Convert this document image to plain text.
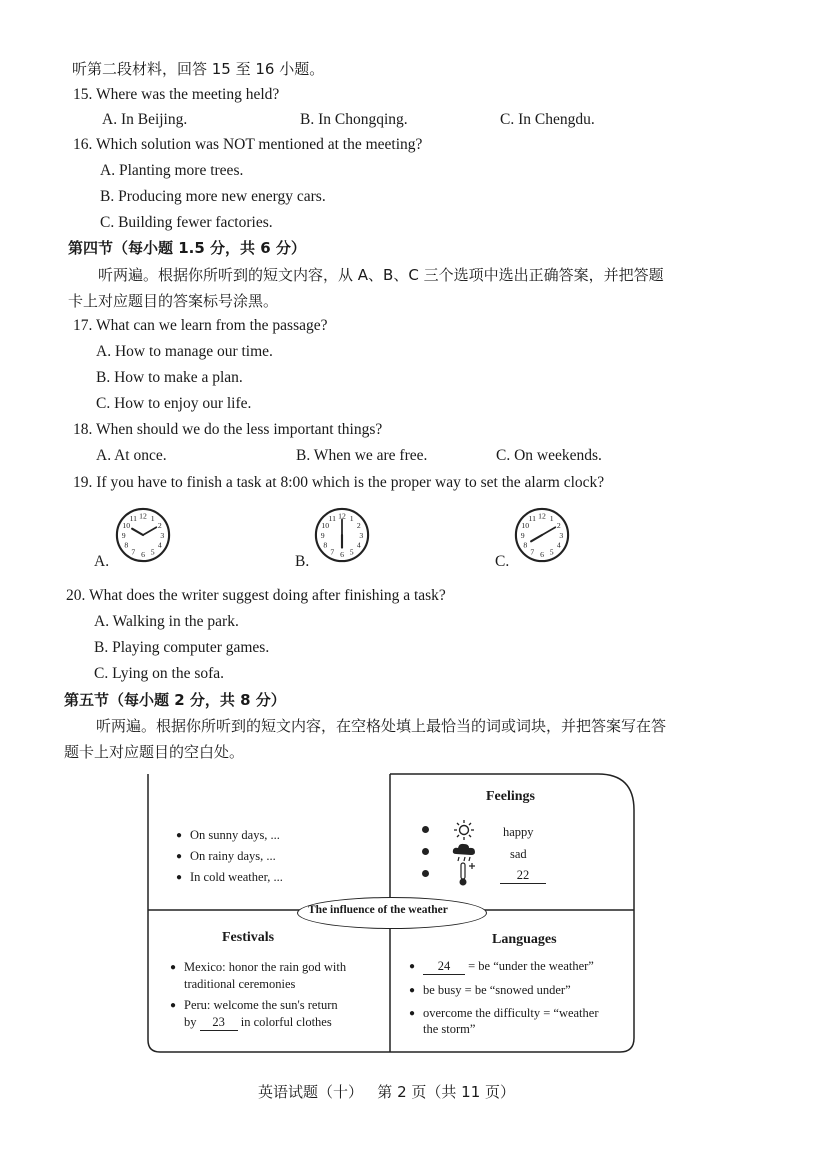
听第二段材料，回答 15 至 16 小题。
15. Where was the meeting held?
A. In Beijing.	B. In Chongqing.	C. In Chengdu.
16. Which solution was NOT mentioned at the meeting?
A. Planting more trees.
B. Producing more new energy cars.
C. Building fewer factories.
第四节（每小题 1.5 分，共 6 分）
听两遍。根据你所听到的短文内容，从 A、B、C 三个选项中选出正确答案，并把答题
卡上对应题目的答案标号涂黑。
17. What can we learn from the passage?
A. How to manage our time.
B. How to make a plan.
C. How to enjoy our life.
18. When should we do the less important things?
A. At once.	B. When we are free.	C. On weekends.
19. If you have to finish a task at 8:00 which is the proper way to set the alarm clock?
A.
1
2
3
4
5
6
7
8
9
10
11 12
B.
1
2
3
4
5
6
7
8
9
10
11 12
C.
1
2
3
4
5
6
7
8
9
10
11 12
20. What does the writer suggest doing after finishing a task?
A. Walking in the park.
B. Playing computer games.
C. Lying on the sofa.
第五节（每小题 2 分，共 8 分）
听两遍。根据你所听到的短文内容，在空格处填上最恰当的词或词块，并把答案写在答
题卡上对应题目的空白处。
The influence of the weather
● On sunny days, ...
● On rainy days, ...
● In cold weather, ...
Feelings
happy
sad
22
Festivals
● Mexico: honor the rain god with
traditional ceremonies
● Peru: welcome the sun's return
by 23 in colorful clothes
Languages
● 24 = be “under the weather”
● be busy = be “snowed under”
● overcome the difficulty = “weather
the storm”
英语试题（十）   第 2 页（共 11 页）
